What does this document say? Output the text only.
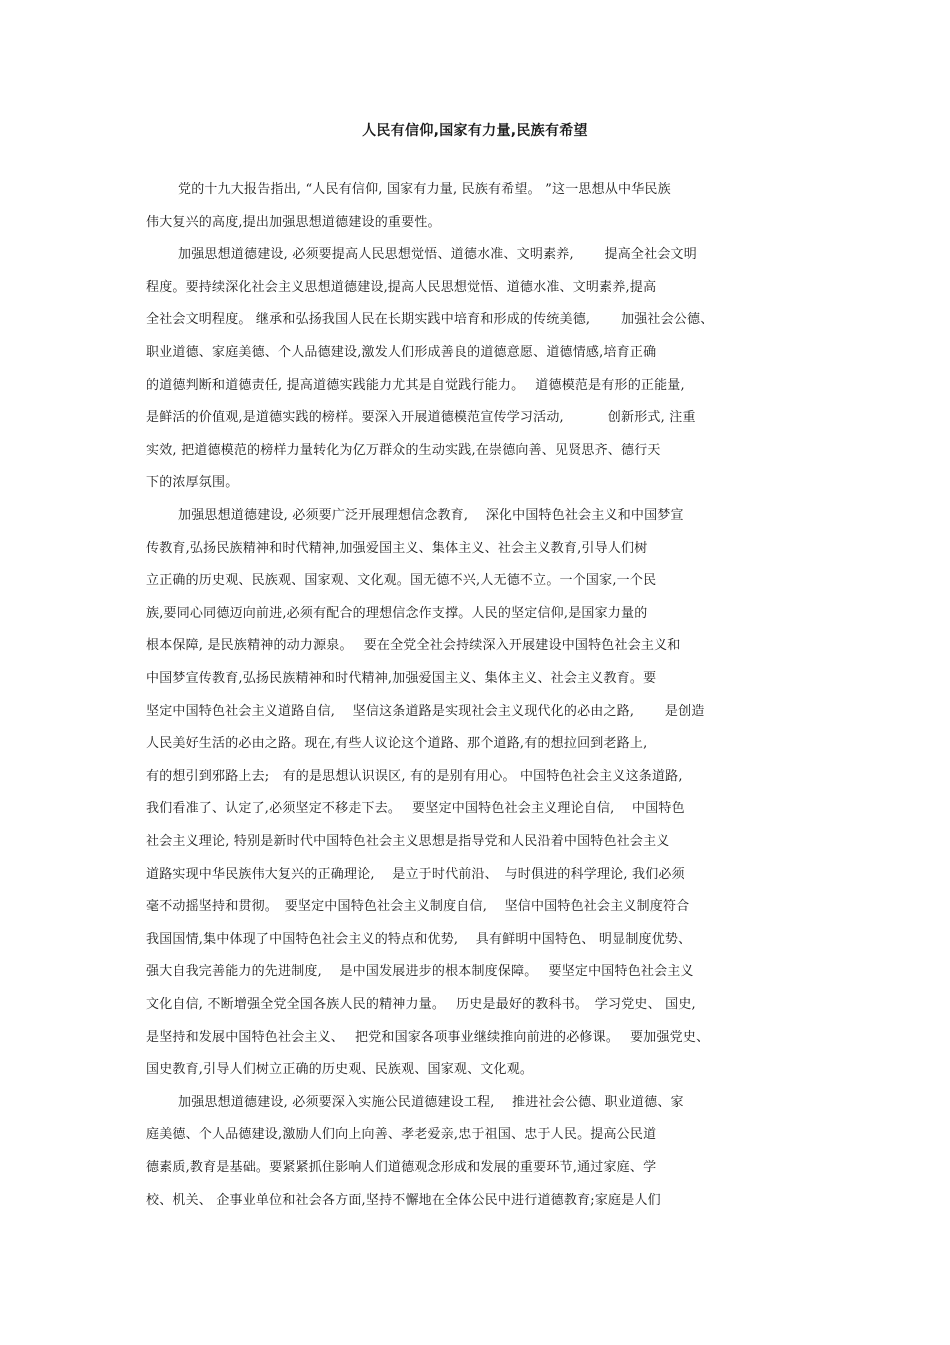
人民有信仰,国家有力量,民族有希望
党的十九大报告指出, “人民有信仰, 国家有力量, 民族有希望。 ”这一思想从中华民族
伟大复兴的高度,提出加强思想道德建设的重要性。
加强思想道德建设, 必须要提高人民思想觉悟、道德水准、文明素养,　　 提高全社会文明
程度。要持续深化社会主义思想道德建设,提高人民思想觉悟、道德水准、文明素养,提高
全社会文明程度。 继承和弘扬我国人民在长期实践中培育和形成的传统美德,　　 加强社会公德、
职业道德、家庭美德、个人品德建设,激发人们形成善良的道德意愿、道德情感,培育正确
的道德判断和道德责任, 提高道德实践能力尤其是自觉践行能力。　 道德模范是有形的正能量,
是鲜活的价值观,是道德实践的榜样。要深入开展道德模范宣传学习活动,　　　 创新形式, 注重
实效, 把道德模范的榜样力量转化为亿万群众的生动实践,在崇德向善、见贤思齐、德行天
下的浓厚氛围。
加强思想道德建设, 必须要广泛开展理想信念教育,　 深化中国特色社会主义和中国梦宣
传教育,弘扬民族精神和时代精神,加强爱国主义、集体主义、社会主义教育,引导人们树
立正确的历史观、民族观、国家观、文化观。国无德不兴,人无德不立。一个国家,一个民
族,要同心同德迈向前进,必须有配合的理想信念作支撑。人民的坚定信仰,是国家力量的
根本保障, 是民族精神的动力源泉。　 要在全党全社会持续深入开展建设中国特色社会主义和
中国梦宣传教育,弘扬民族精神和时代精神,加强爱国主义、集体主义、社会主义教育。要
坚定中国特色社会主义道路自信,　 坚信这条道路是实现社会主义现代化的必由之路,　　 是创造
人民美好生活的必由之路。现在,有些人议论这个道路、那个道路,有的想拉回到老路上,
有的想引到邪路上去;　有的是思想认识误区, 有的是别有用心。 中国特色社会主义这条道路,
我们看准了、认定了,必须坚定不移走下去。　 要坚定中国特色社会主义理论自信,　 中国特色
社会主义理论, 特别是新时代中国特色社会主义思想是指导党和人民沿着中国特色社会主义
道路实现中华民族伟大复兴的正确理论,　 是立于时代前沿、　与时俱进的科学理论, 我们必须
毫不动摇坚持和贯彻。　要坚定中国特色社会主义制度自信,　 坚信中国特色社会主义制度符合
我国国情,集中体现了中国特色社会主义的特点和优势,　 具有鲜明中国特色、 明显制度优势、
强大自我完善能力的先进制度,　 是中国发展进步的根本制度保障。　 要坚定中国特色社会主义
文化自信, 不断增强全党全国各族人民的精神力量。　 历史是最好的教科书。　学习党史、 国史,
是坚持和发展中国特色社会主义、　 把党和国家各项事业继续推向前进的必修课。　 要加强党史、
国史教育,引导人们树立正确的历史观、民族观、国家观、文化观。
加强思想道德建设, 必须要深入实施公民道德建设工程,　 推进社会公德、职业道德、家
庭美德、个人品德建设,激励人们向上向善、孝老爱亲,忠于祖国、忠于人民。提高公民道
德素质,教育是基础。要紧紧抓住影响人们道德观念形成和发展的重要环节,通过家庭、学
校、机关、 企事业单位和社会各方面,坚持不懈地在全体公民中进行道德教育;家庭是人们
